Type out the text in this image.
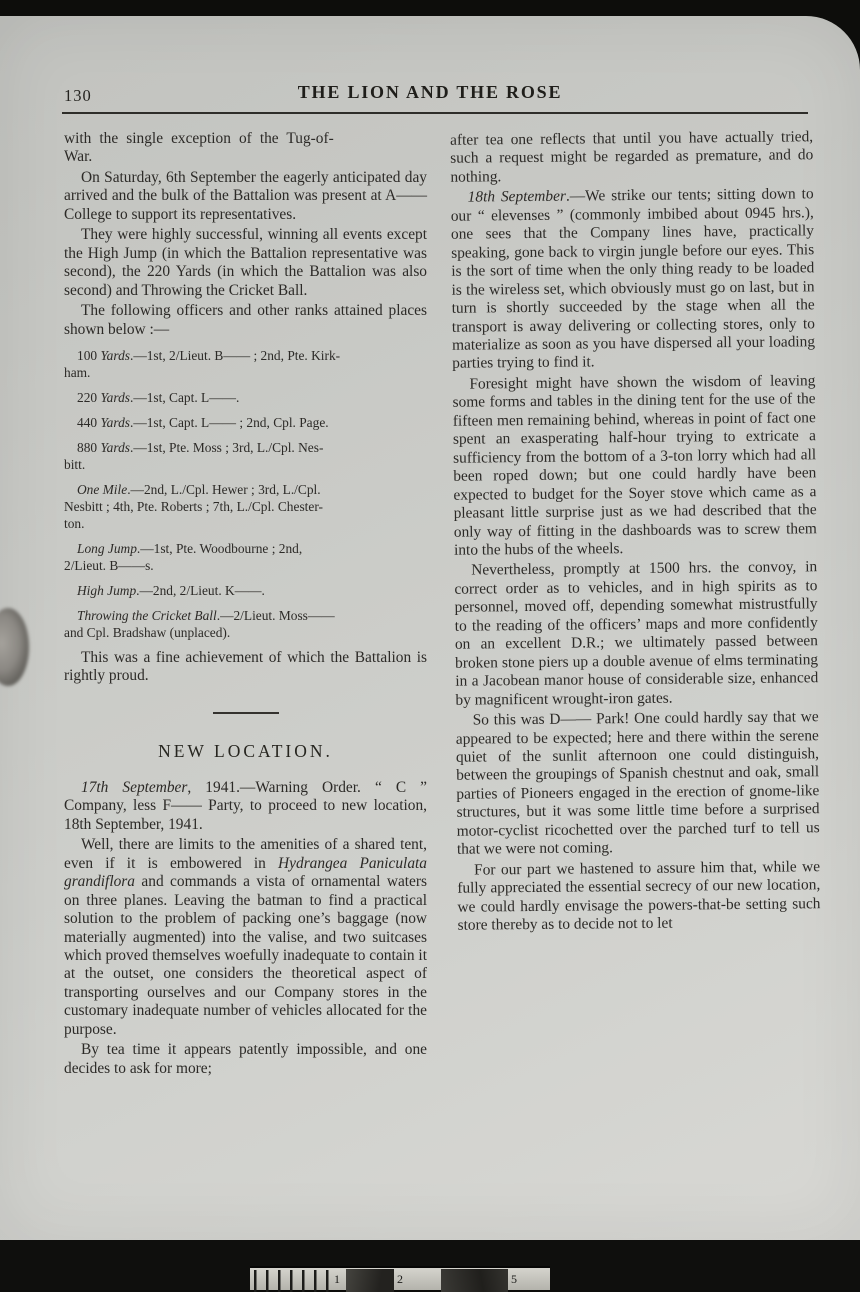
130	THE LION AND THE ROSE

with the single exception of the Tug-of-
War.

On Saturday, 6th September the eagerly anticipated day arrived and the bulk of the Battalion was present at A—— College to support its representatives.

They were highly successful, winning all events except the High Jump (in which the Battalion representative was second), the 220 Yards (in which the Battalion was also second) and Throwing the Cricket Ball.

The following officers and other ranks attained places shown below :—

100 Yards.—1st, 2/Lieut. B—— ; 2nd, Pte. Kirk-
ham.

220 Yards.—1st, Capt. L——.

440 Yards.—1st, Capt. L—— ; 2nd, Cpl. Page.

880 Yards.—1st, Pte. Moss ; 3rd, L./Cpl. Nes-
bitt.

One Mile.—2nd, L./Cpl. Hewer ; 3rd, L./Cpl.
Nesbitt ; 4th, Pte. Roberts ; 7th, L./Cpl. Chester-
ton.

Long Jump.—1st, Pte. Woodbourne ; 2nd,
2/Lieut. B——s.

High Jump.—2nd, 2/Lieut. K——.

Throwing the Cricket Ball.—2/Lieut. Moss——
and Cpl. Bradshaw (unplaced).

This was a fine achievement of which the Battalion is rightly proud.

NEW LOCATION.

17th September, 1941.—Warning Order. “ C ” Company, less F—— Party, to proceed to new location, 18th September, 1941.

Well, there are limits to the amenities of a shared tent, even if it is embowered in Hydrangea Paniculata grandiflora and commands a vista of ornamental waters on three planes. Leaving the batman to find a practical solution to the problem of packing one’s baggage (now materially augmented) into the valise, and two suitcases which proved themselves woefully inadequate to contain it at the outset, one considers the theoretical aspect of transporting ourselves and our Company stores in the customary inadequate number of vehicles allocated for the purpose.

By tea time it appears patently impossible, and one decides to ask for more;

after tea one reflects that until you have actually tried, such a request might be regarded as premature, and do nothing.

18th September.—We strike our tents; sitting down to our “ elevenses ” (commonly imbibed about 0945 hrs.), one sees that the Company lines have, practically speaking, gone back to virgin jungle before our eyes. This is the sort of time when the only thing ready to be loaded is the wireless set, which obviously must go on last, but in turn is shortly succeeded by the stage when all the transport is away delivering or collecting stores, only to materialize as soon as you have dispersed all your loading parties trying to find it.

Foresight might have shown the wisdom of leaving some forms and tables in the dining tent for the use of the fifteen men remaining behind, whereas in point of fact one spent an exasperating half-hour trying to extricate a sufficiency from the bottom of a 3-ton lorry which had all been roped down; but one could hardly have been expected to budget for the Soyer stove which came as a pleasant little surprise just as we had described that the only way of fitting in the dashboards was to screw them into the hubs of the wheels.

Nevertheless, promptly at 1500 hrs. the convoy, in correct order as to vehicles, and in high spirits as to personnel, moved off, depending somewhat mistrustfully to the reading of the officers’ maps and more confidently on an excellent D.R.; we ultimately passed between broken stone piers up a double avenue of elms terminating in a Jacobean manor house of considerable size, enhanced by magnificent wrought-iron gates.

So this was D—— Park! One could hardly say that we appeared to be expected; here and there within the serene quiet of the sunlit afternoon one could distinguish, between the groupings of Spanish chestnut and oak, small parties of Pioneers engaged in the erection of gnome-like structures, but it was some little time before a surprised motor-cyclist ricochetted over the parched turf to tell us that we were not coming.

For our part we hastened to assure him that, while we fully appreciated the essential secrecy of our new location, we could hardly envisage the powers-that-be setting such store thereby as to decide not to let

1	2	5
